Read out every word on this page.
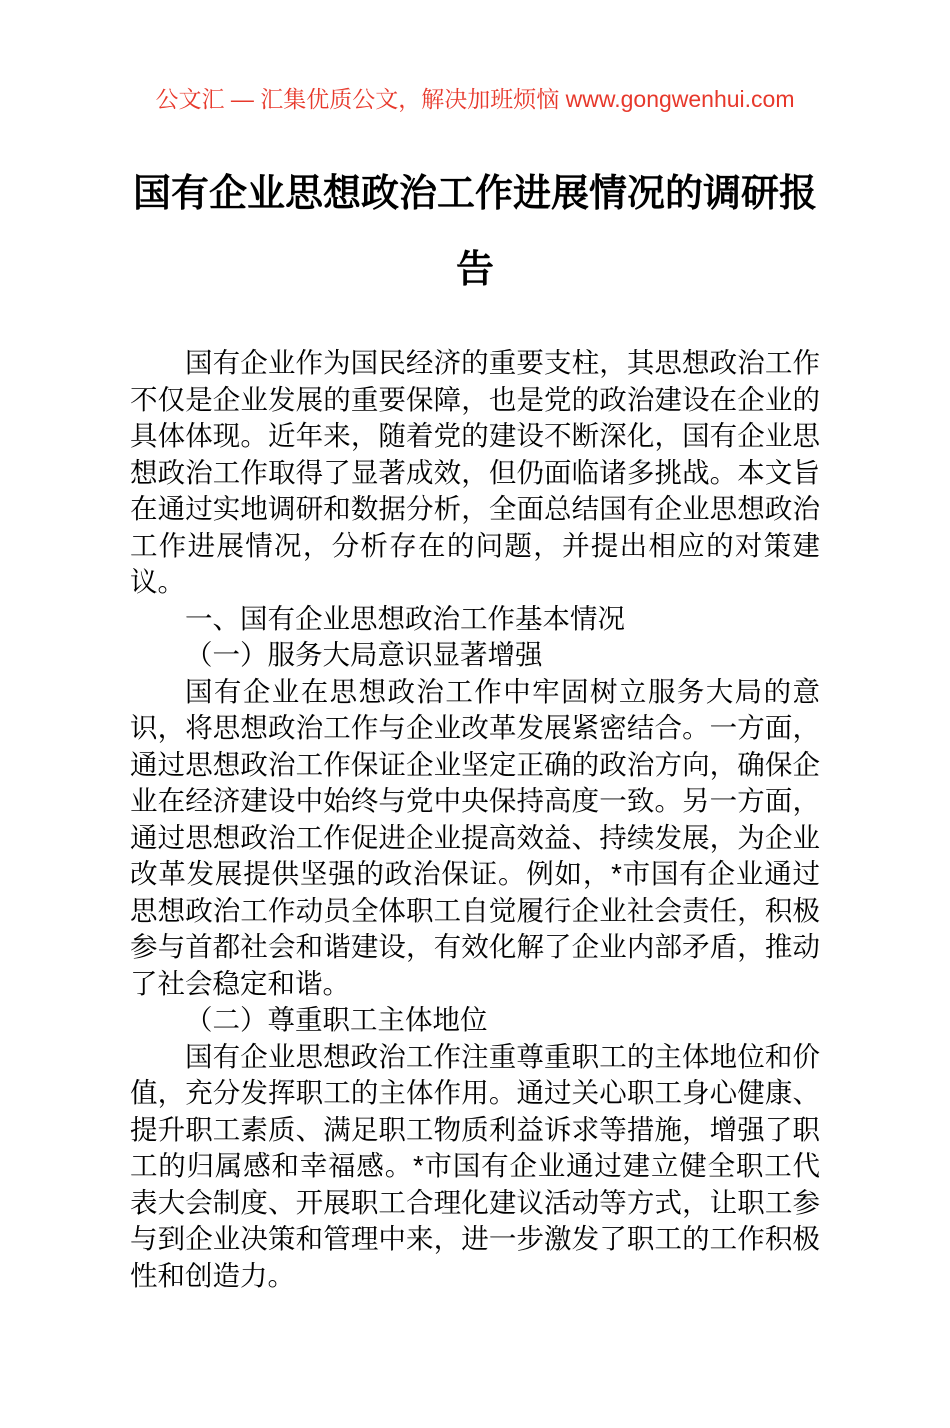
公文汇 — 汇集优质公文，解决加班烦恼 www.gongwenhui.com
国有企业思想政治工作进展情况的调研报告

国有企业作为国民经济的重要支柱，其思想政治工作不仅是企业发展的重要保障，也是党的政治建设在企业的具体体现。近年来，随着党的建设不断深化，国有企业思想政治工作取得了显著成效，但仍面临诸多挑战。本文旨在通过实地调研和数据分析，全面总结国有企业思想政治工作进展情况，分析存在的问题，并提出相应的对策建议。

一、国有企业思想政治工作基本情况

（一）服务大局意识显著增强

国有企业在思想政治工作中牢固树立服务大局的意识，将思想政治工作与企业改革发展紧密结合。一方面，通过思想政治工作保证企业坚定正确的政治方向，确保企业在经济建设中始终与党中央保持高度一致。另一方面，通过思想政治工作促进企业提高效益、持续发展，为企业改革发展提供坚强的政治保证。例如，*市国有企业通过思想政治工作动员全体职工自觉履行企业社会责任，积极参与首都社会和谐建设，有效化解了企业内部矛盾，推动了社会稳定和谐。

（二）尊重职工主体地位

国有企业思想政治工作注重尊重职工的主体地位和价值，充分发挥职工的主体作用。通过关心职工身心健康、提升职工素质、满足职工物质利益诉求等措施，增强了职工的归属感和幸福感。*市国有企业通过建立健全职工代表大会制度、开展职工合理化建议活动等方式，让职工参与到企业决策和管理中来，进一步激发了职工的工作积极性和创造力。
